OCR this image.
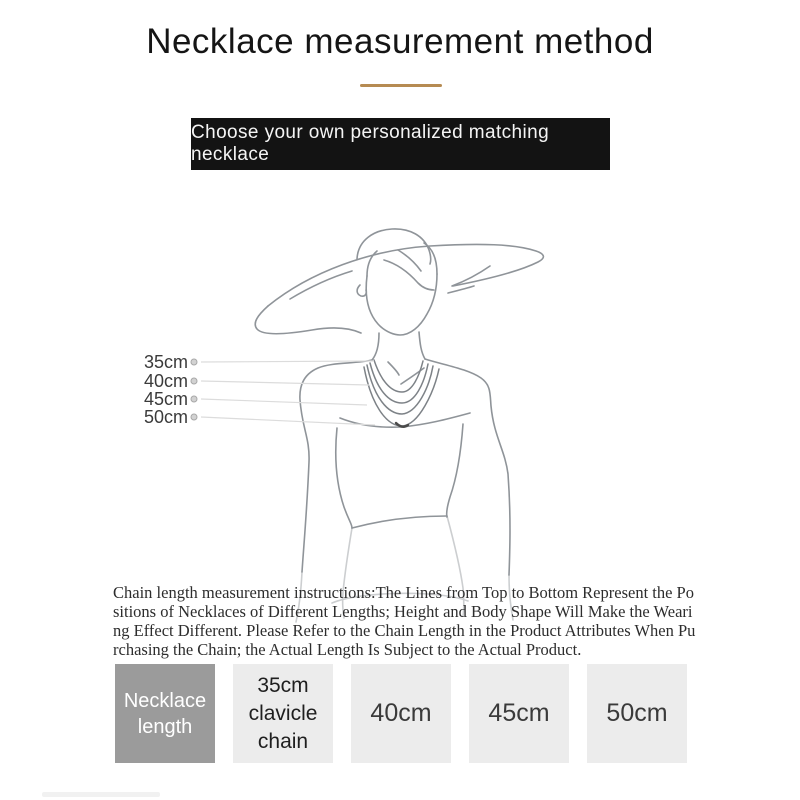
Necklace measurement method
Choose your own personalized matching necklace
35cm
40cm
45cm
50cm
Chain length measurement instructions:The Lines from Top to Bottom Represent the Po
sitions of Necklaces of Different Lengths; Height and Body Shape Will Make the Weari
ng Effect Different. Please Refer to the Chain Length in the Product Attributes When Pu
rchasing the Chain; the Actual Length Is Subject to the Actual Product.
Necklace length
35cm clavicle chain
40cm 45cm 50cm
